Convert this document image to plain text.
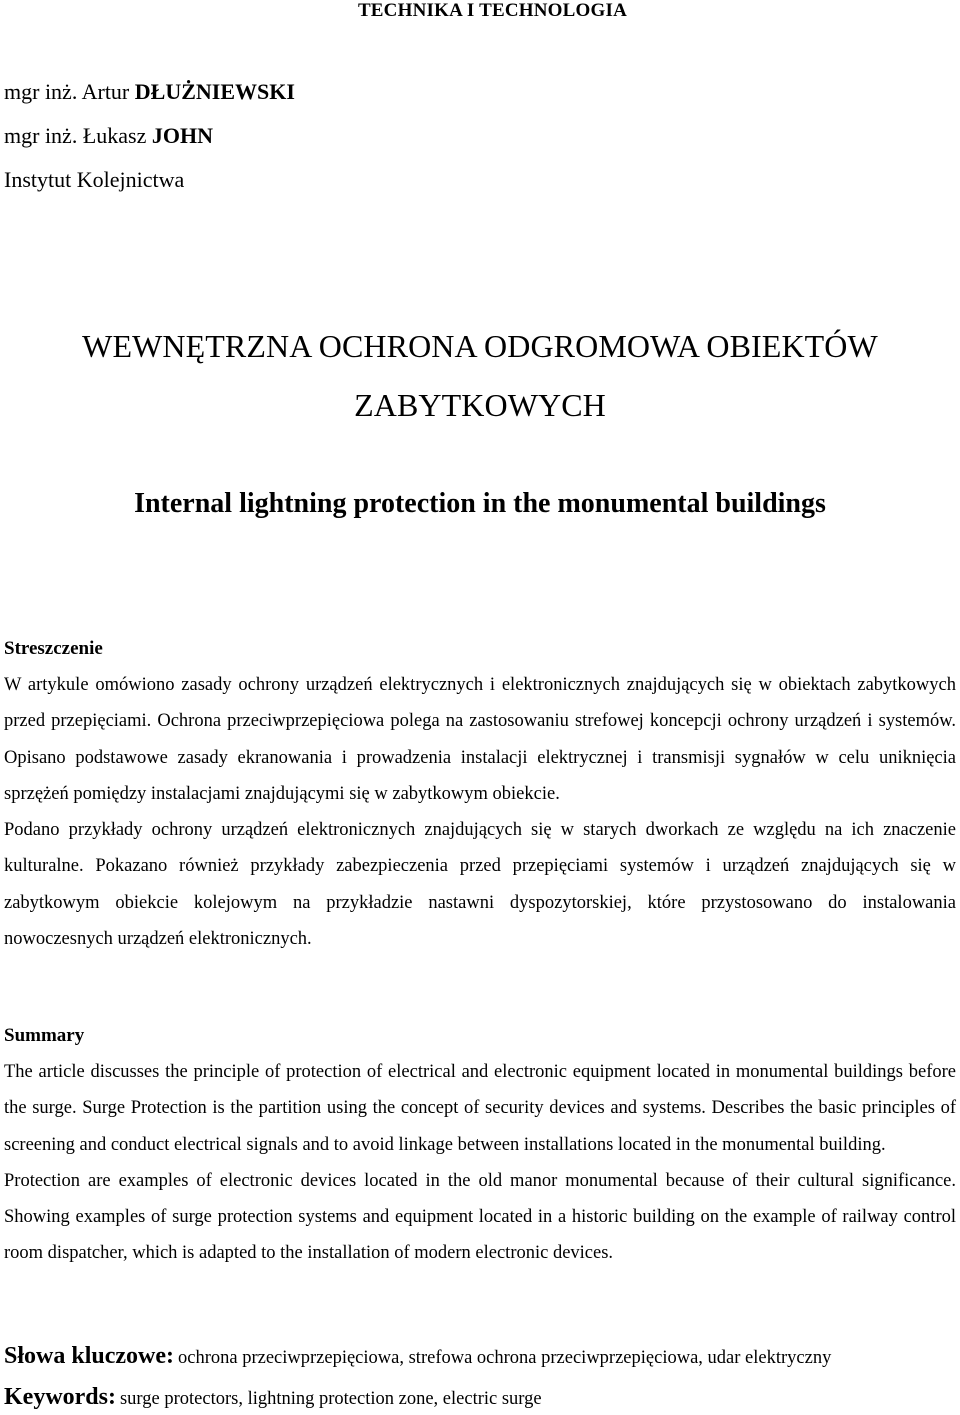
TECHNIKA I TECHNOLOGIA
mgr inż. Artur DŁUŻNIEWSKI
mgr inż. Łukasz JOHN
Instytut Kolejnictwa
WEWNĘTRZNA OCHRONA ODGROMOWA OBIEKTÓW
ZABYTKOWYCH
Internal lightning protection in the monumental buildings
Streszczenie

W artykule omówiono zasady ochrony urządzeń elektrycznych i elektronicznych znajdujących się w obiektach zabytkowych przed przepięciami. Ochrona przeciwprzepięciowa polega na zastosowaniu strefowej koncepcji ochrony urządzeń i systemów. Opisano podstawowe zasady ekranowania i prowadzenia instalacji elektrycznej i transmisji sygnałów w celu uniknięcia sprzężeń pomiędzy instalacjami znajdującymi się w zabytkowym obiekcie.

Podano przykłady ochrony urządzeń elektronicznych znajdujących się w starych dworkach ze względu na ich znaczenie kulturalne. Pokazano również przykłady zabezpieczenia przed przepięciami systemów i urządzeń znajdujących się w zabytkowym obiekcie kolejowym na przykładzie nastawni dyspozytorskiej, które przystosowano do instalowania nowoczesnych urządzeń elektronicznych.

Summary

The article discusses the principle of protection of electrical and electronic equipment located in monumental buildings before the surge. Surge Protection is the partition using the concept of security devices and systems. Describes the basic principles of screening and conduct electrical signals and to avoid linkage between installations located in the monumental building.

Protection are examples of electronic devices located in the old manor monumental because of their cultural significance. Showing examples of surge protection systems and equipment located in a historic building on the example of railway control room dispatcher, which is adapted to the installation of modern electronic devices.

Słowa kluczowe: ochrona przeciwprzepięciowa, strefowa ochrona przeciwprzepięciowa, udar elektryczny
Keywords: surge protectors, lightning protection zone, electric surge
